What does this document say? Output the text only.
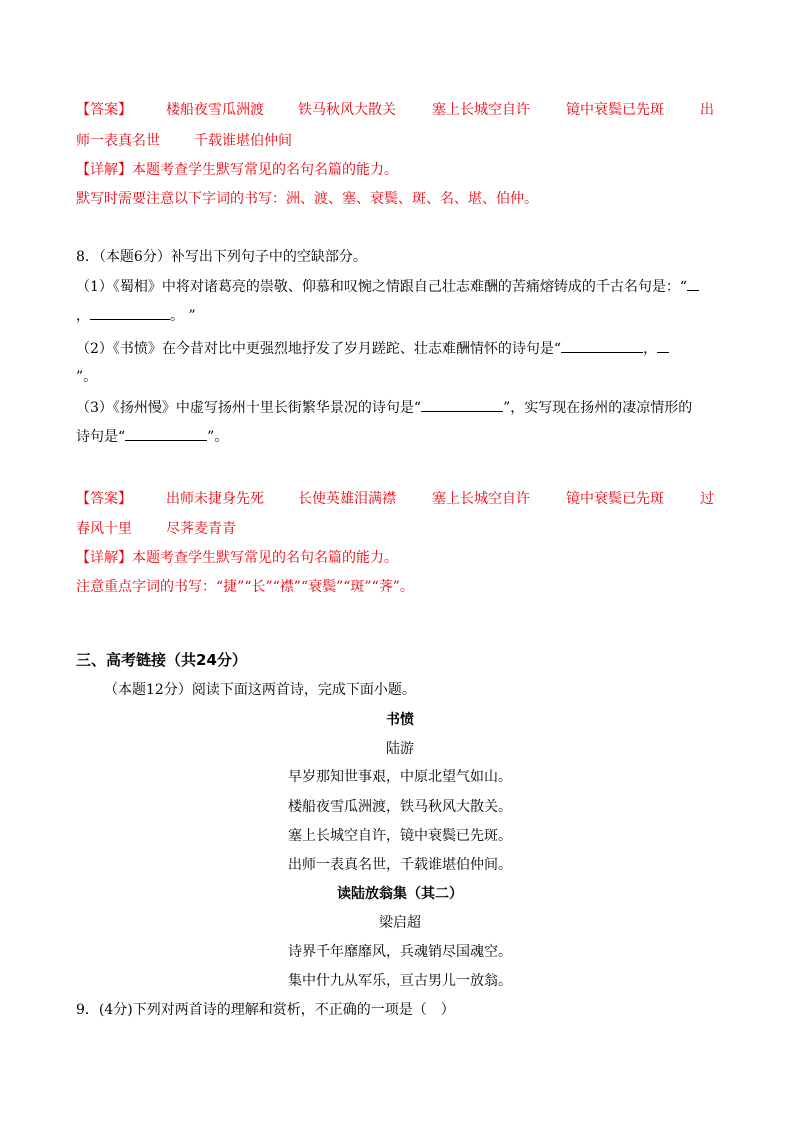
【答案】 楼船夜雪瓜洲渡 铁马秋风大散关	塞上长城空自许	镜中衰鬓已先斑	出
师一表真名世 千载谁堪伯仲间
【详解】本题考查学生默写常见的名句名篇的能力。
默写时需要注意以下字词的书写：洲、渡、塞、衰鬓、斑、名、堪、伯仲。
8．（本题6分）补写出下列句子中的空缺部分。
（1）《蜀相》中将对诸葛亮的崇敬、仰慕和叹惋之情跟自己壮志难酬的苦痛熔铸成的千古名句是：“
，	。 ”
（2）《书愤》在今昔对比中更强烈地抒发了岁月蹉跎、壮志难酬情怀的诗句是“	，
”。
（3）《扬州慢》中虚写扬州十里长街繁华景况的诗句是“	”，实写现在扬州的凄凉情形的
诗句是“	”。
【答案】 出师未捷身先死 长使英雄泪满襟	塞上长城空自许	镜中衰鬓已先斑	过
春风十里 尽荠麦青青
【详解】本题考查学生默写常见的名句名篇的能力。
注意重点字词的书写：“捷”“长”“襟”“衰鬓”“斑”“荠”。
三、高考链接（共24分）
（本题12分）阅读下面这两首诗，完成下面小题。
书愤
陆游
早岁那知世事艰，中原北望气如山。
楼船夜雪瓜洲渡，铁马秋风大散关。
塞上长城空自许，镜中衰鬓已先斑。
出师一表真名世，千载谁堪伯仲间。
读陆放翁集（其二）
梁启超
诗界千年靡靡风，兵魂销尽国魂空。
集中什九从军乐，亘古男儿一放翁。
9．(4分)下列对两首诗的理解和赏析，不正确的一项是（　）
